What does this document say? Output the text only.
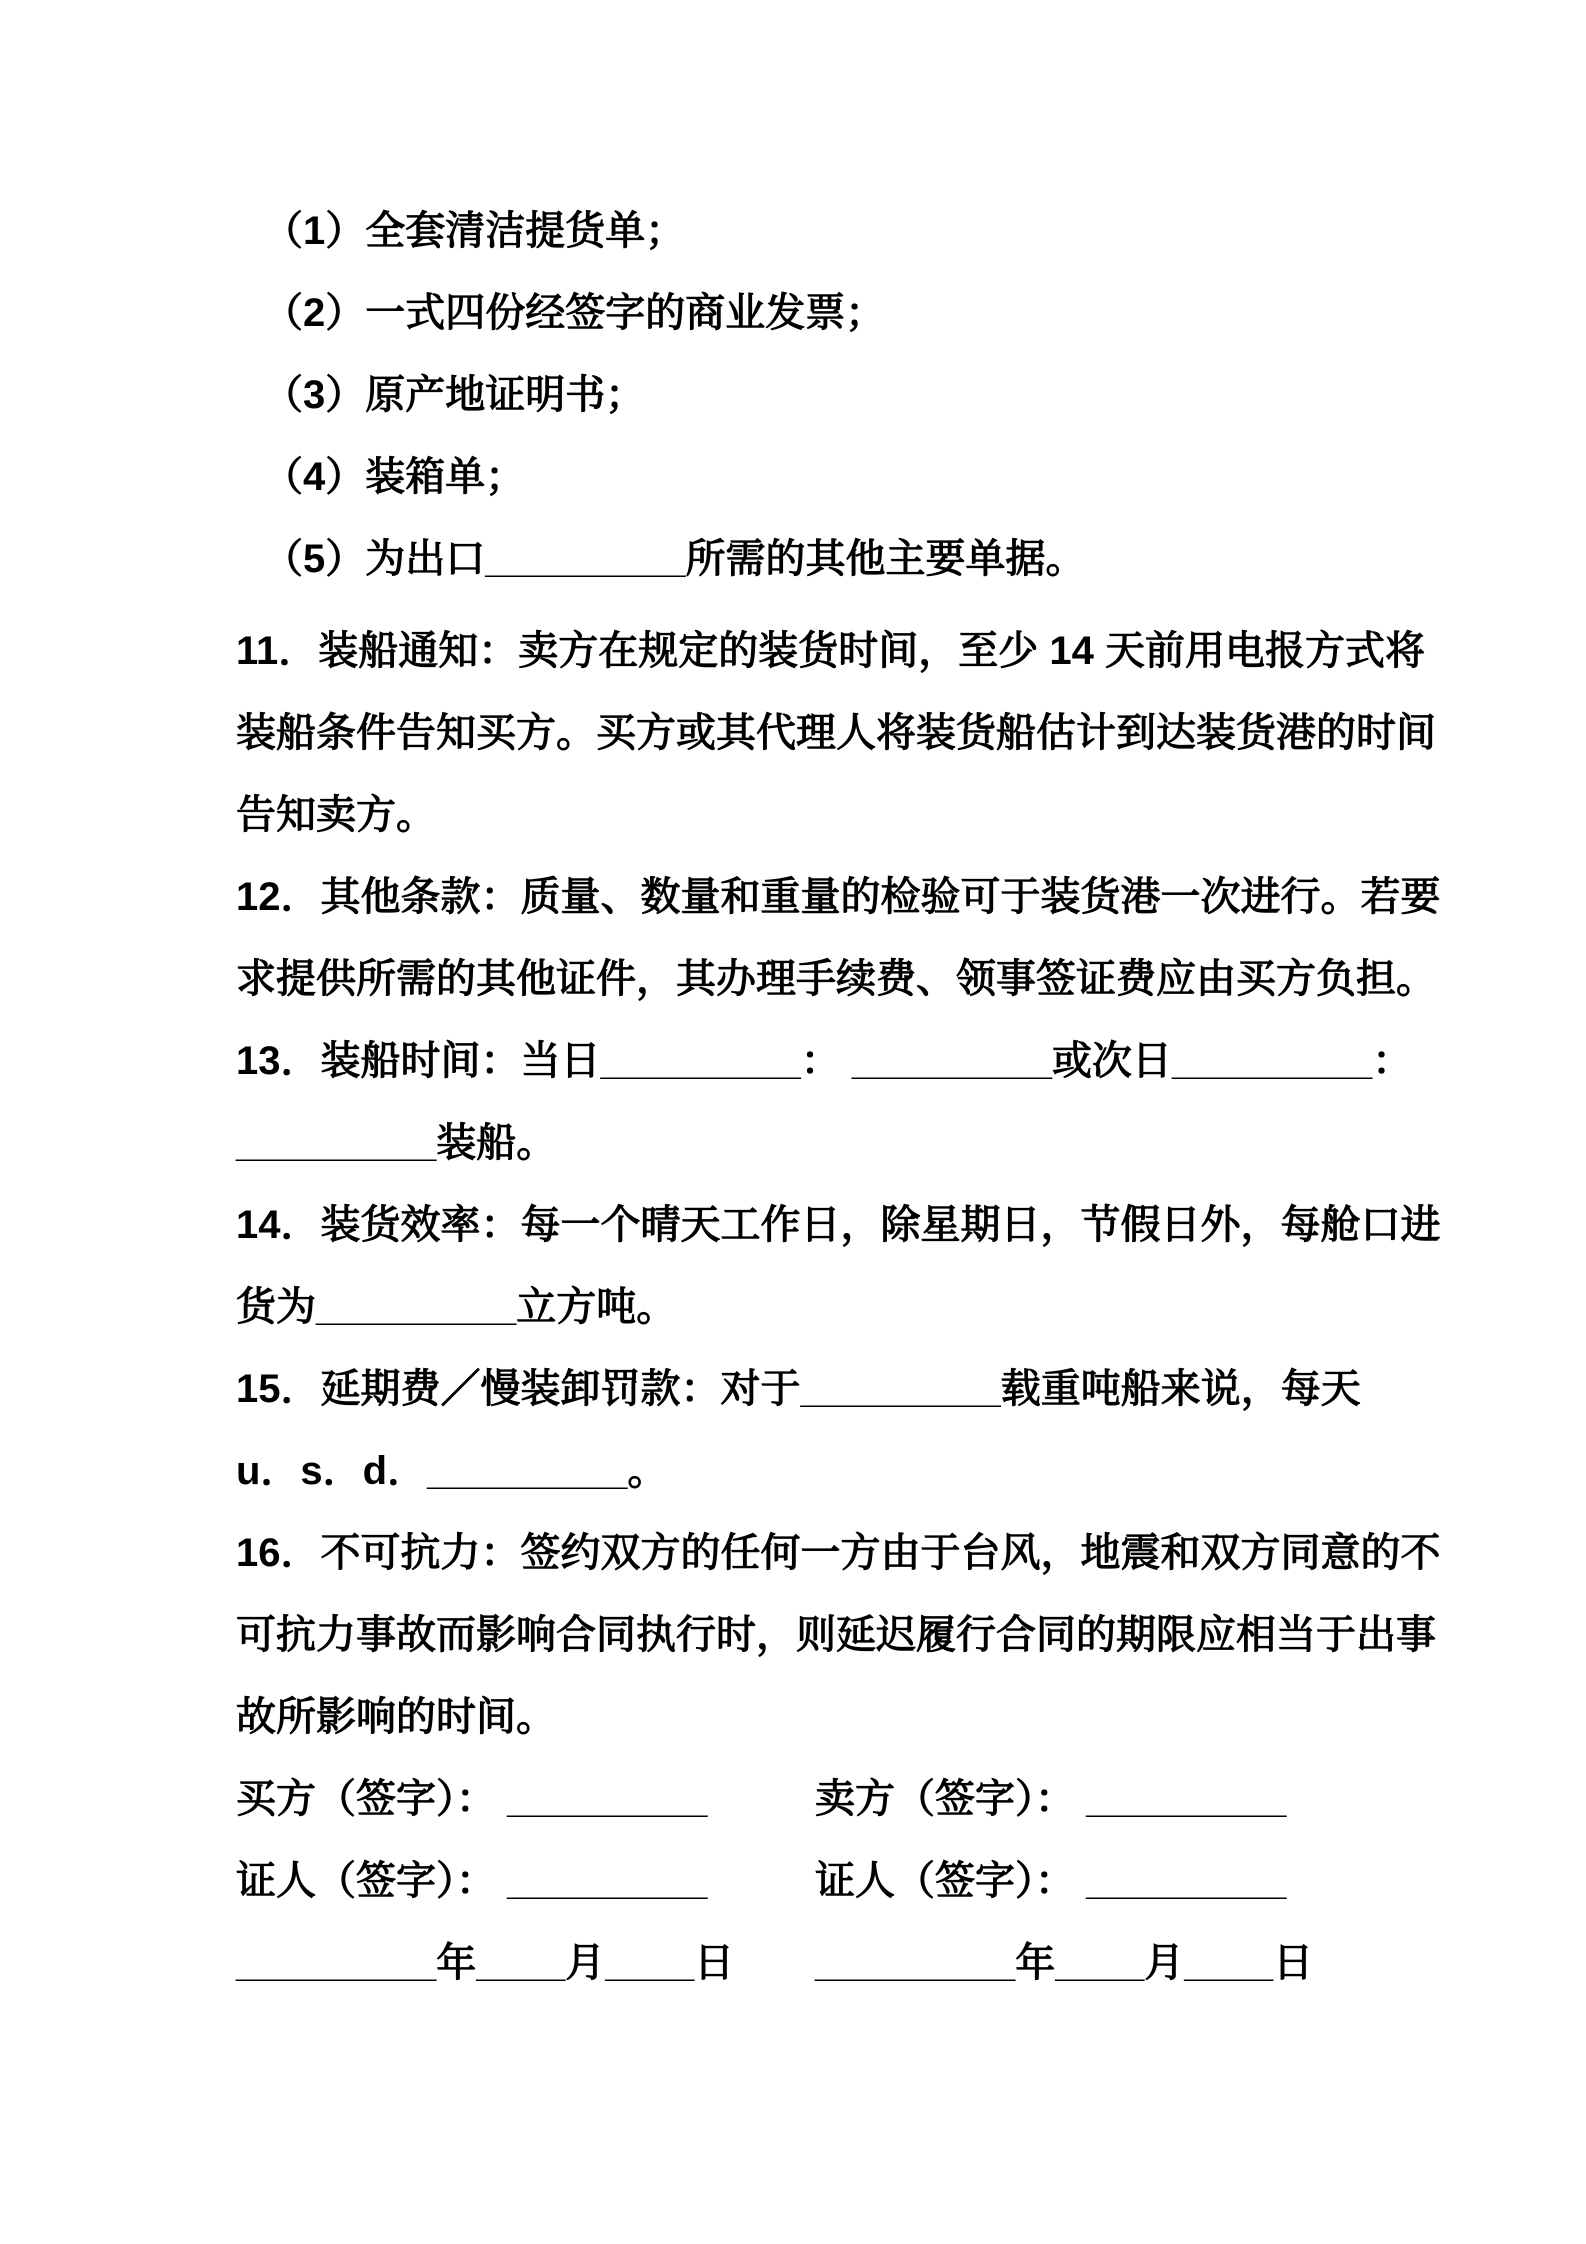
（1）全套清洁提货单；
（2）一式四份经签字的商业发票；
（3）原产地证明书；
（4）装箱单；
（5）为出口_________所需的其他主要单据。
11．装船通知：卖方在规定的装货时间，至少 14 天前用电报方式将
装船条件告知买方。买方或其代理人将装货船估计到达装货港的时间
告知卖方。
12．其他条款：质量、数量和重量的检验可于装货港一次进行。若要
求提供所需的其他证件，其办理手续费、领事签证费应由买方负担。
13．装船时间：当日_________： _________或次日_________：
_________装船。
14．装货效率：每一个晴天工作日，除星期日，节假日外，每舱口进
货为_________立方吨。
15．延期费／慢装卸罚款：对于_________载重吨船来说，每天
u．s．d．_________。
16．不可抗力：签约双方的任何一方由于台风，地震和双方同意的不
可抗力事故而影响合同执行时，则延迟履行合同的期限应相当于出事
故所影响的时间。
买方（签字）： _________	卖方（签字）： _________
证人（签字）： _________	证人（签字）： _________
_________年____月____日	_________年____月____日
